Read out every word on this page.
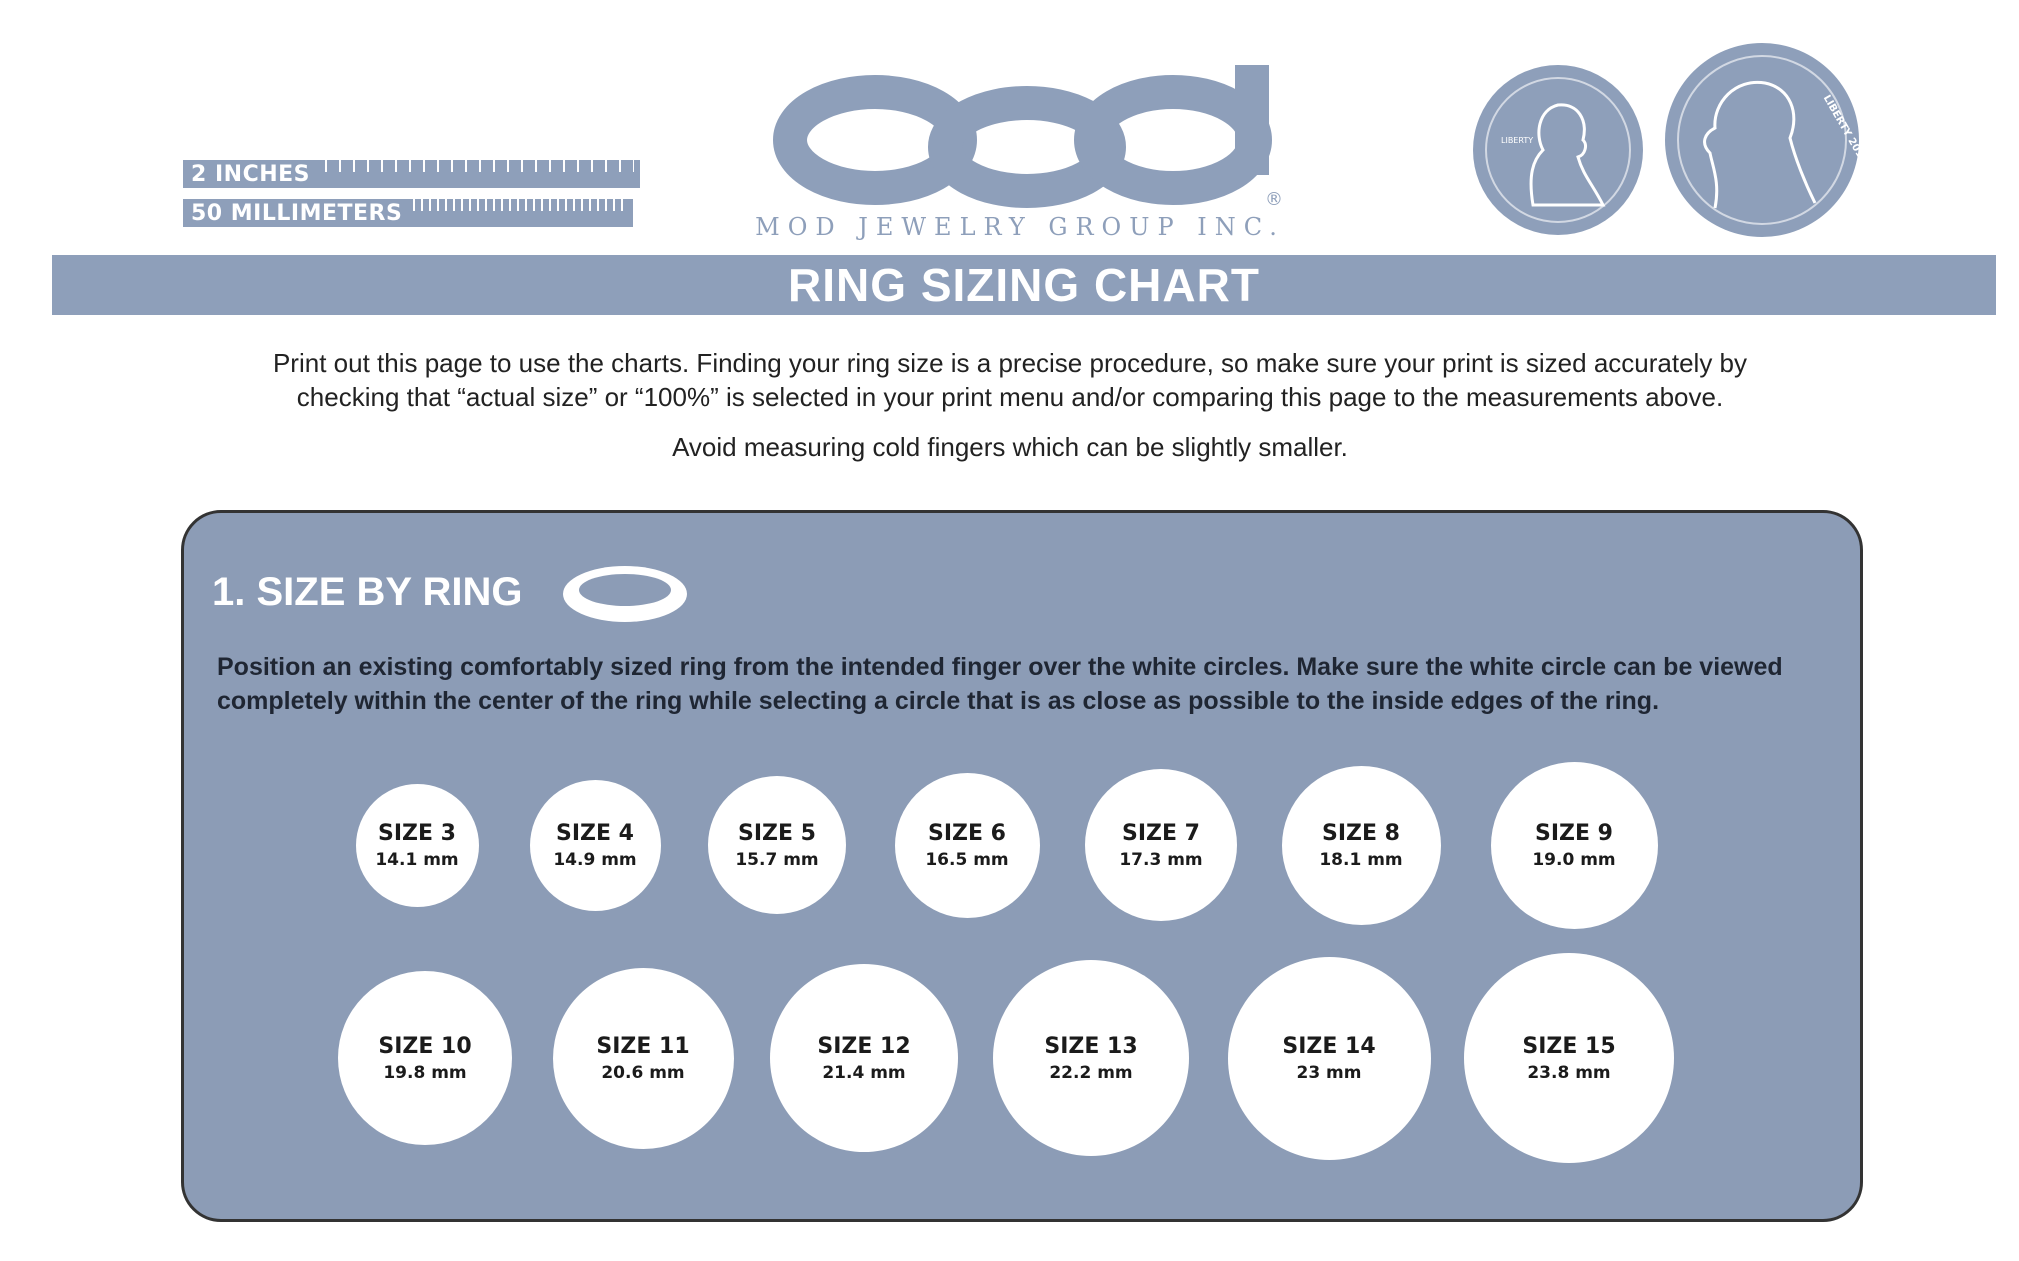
2 INCHES
50 MILLIMETERS
®
MOD JEWELRY GROUP INC.
LIBERTY	LIBERTY 2014
RING SIZING CHART

Print out this page to use the charts. Finding your ring size is a precise procedure, so make sure your print is sized accurately by

checking that “actual size” or “100%” is selected in your print menu and/or comparing this page to the measurements above.

Avoid measuring cold fingers which can be slightly smaller.

1. SIZE BY RING
Position an existing comfortably sized ring from the intended finger over the white circles. Make sure the white circle can be viewed
completely within the center of the ring while selecting a circle that is as close as possible to the inside edges of the ring.
SIZE 3
14.1 mm
SIZE 4
14.9 mm
SIZE 5
15.7 mm
SIZE 6
16.5 mm
SIZE 7
17.3 mm
SIZE 8
18.1 mm
SIZE 9
19.0 mm
SIZE 10
19.8 mm
SIZE 11
20.6 mm
SIZE 12
21.4 mm
SIZE 13
22.2 mm
SIZE 14
23 mm
SIZE 15
23.8 mm
